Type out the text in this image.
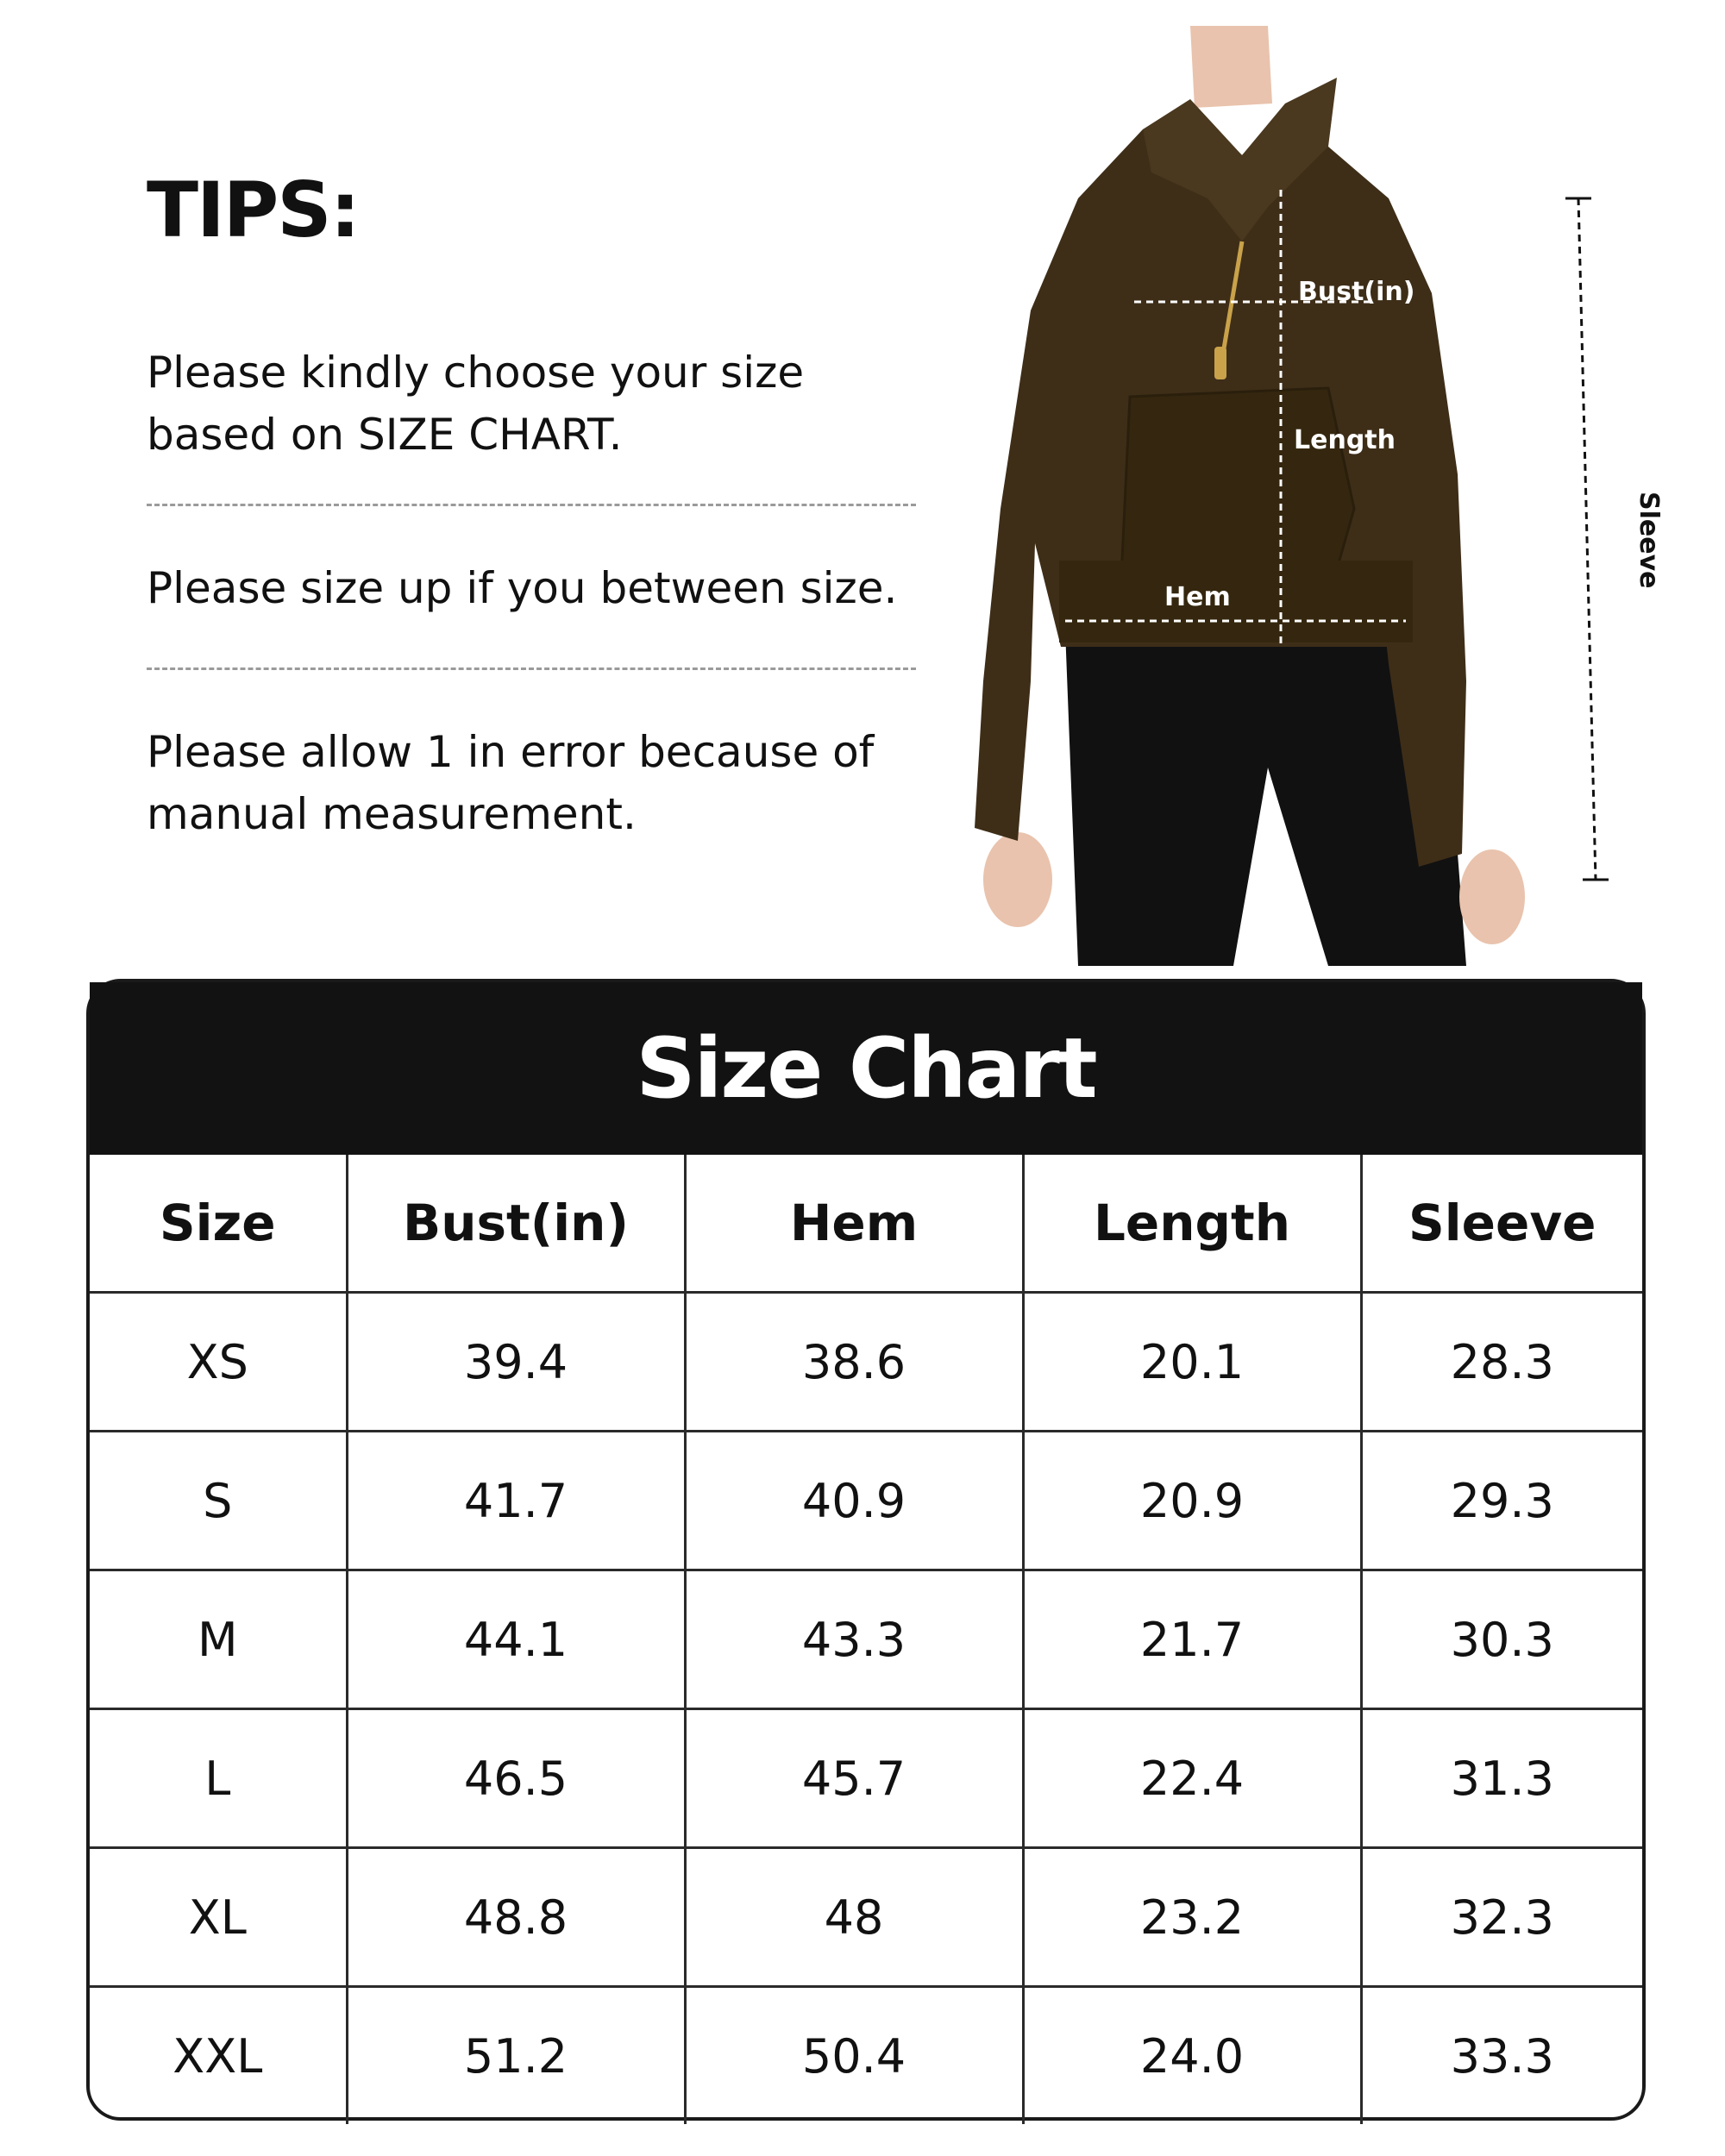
TIPS:
Please kindly choose your size based on SIZE CHART.
Please size up if you between size.
Please allow 1 in error because of manual measurement.
Bust(in)
Length
Hem
Sleeve
Size Chart
Size	Bust(in)	Hem	Length	Sleeve
XS	39.4	38.6	20.1	28.3
S	41.7	40.9	20.9	29.3
M	44.1	43.3	21.7	30.3
L	46.5	45.7	22.4	31.3
XL	48.8	48	23.2	32.3
XXL	51.2	50.4	24.0	33.3
